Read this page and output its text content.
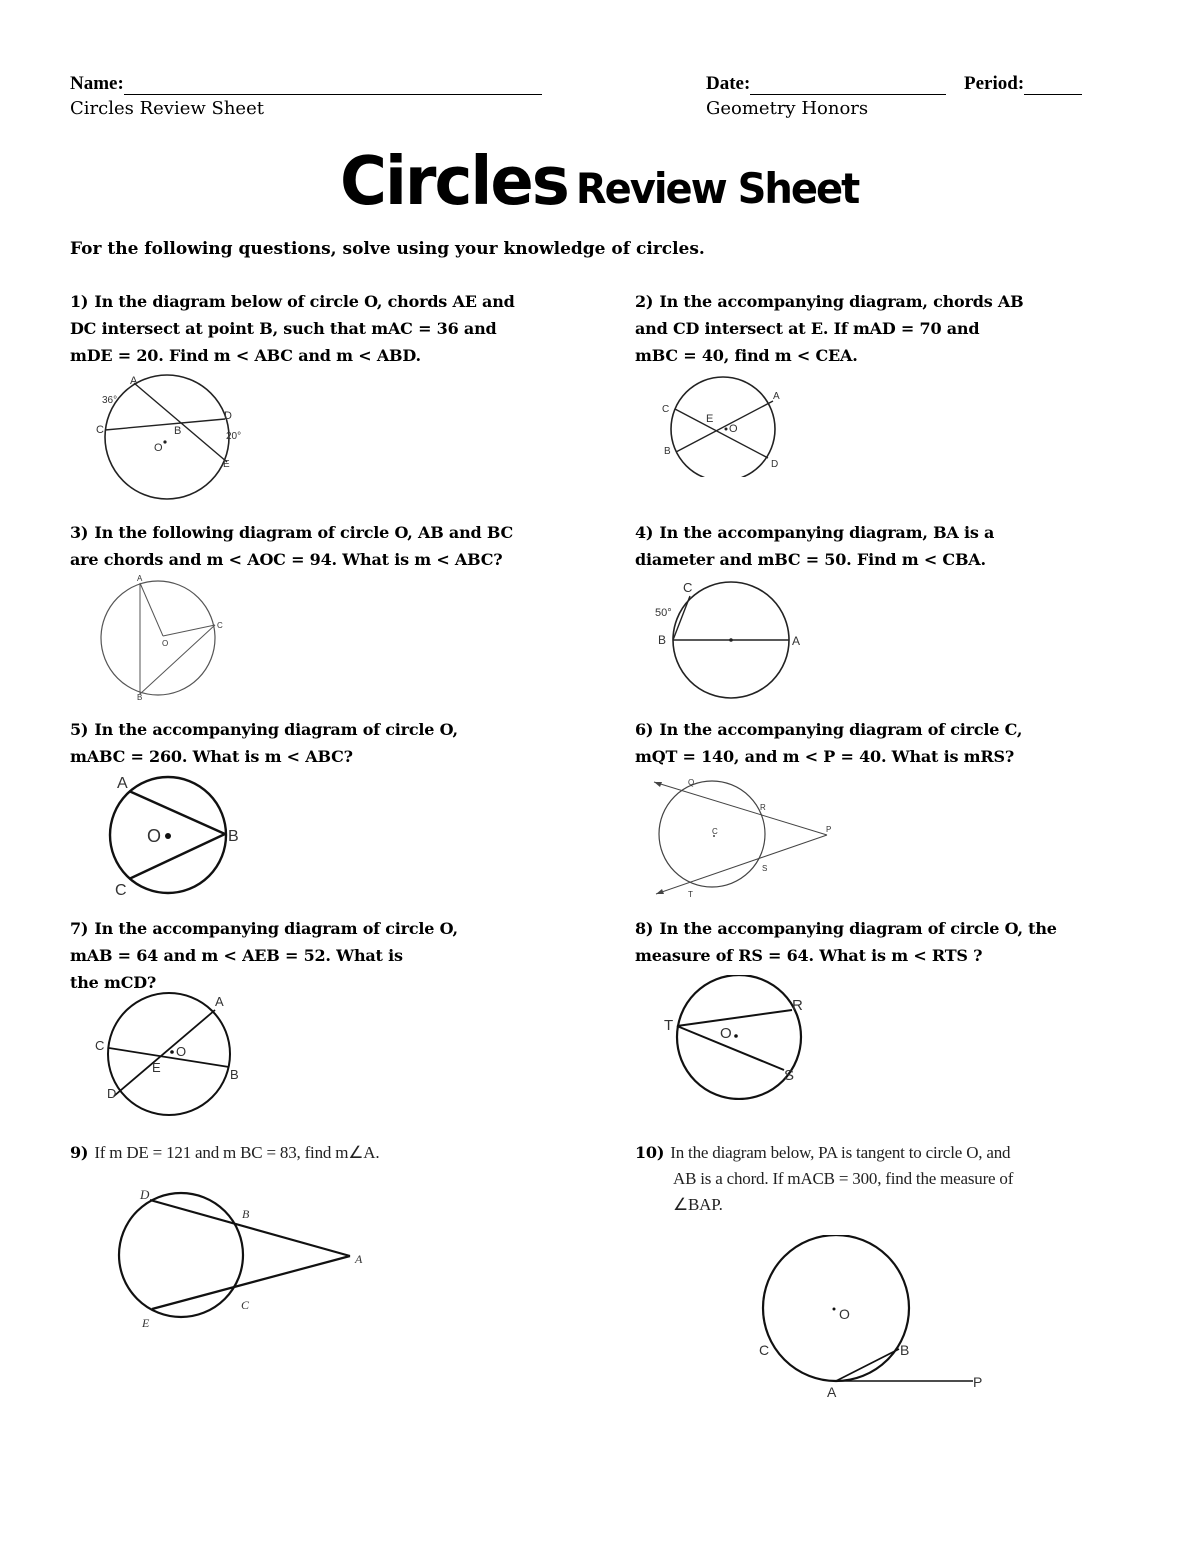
Name:	Date:	Period:
Circles Review Sheet	Geometry Honors
Circles Review Sheet
For the following questions, solve using your knowledge of circles.
1) In the diagram below of circle O, chords AE and
DC intersect at point B, such that mAC = 36 and
mDE = 20. Find m < ABC and m < ABD.
2) In the accompanying diagram, chords AB
and CD intersect at E. If mAD = 70 and
mBC = 40, find m < CEA.
3) In the following diagram of circle O, AB and BC
are chords and m < AOC = 94. What is m < ABC?
4) In the accompanying diagram, BA is a
diameter and mBC = 50. Find m < CBA.
5) In the accompanying diagram of circle O,
mABC = 260. What is m < ABC?
6) In the accompanying diagram of circle C,
mQT = 140, and m < P = 40. What is mRS?
7) In the accompanying diagram of circle O,
mAB = 64 and m < AEB = 52. What is
the mCD?
8) In the accompanying diagram of circle O, the
measure of RS = 64. What is m < RTS ?
9) If m DE = 121 and m BC = 83, find m∠A.	10) In the diagram below, PA is tangent to circle O, and
AB is a chord. If mACB = 300, find the measure of
∠BAP.
A
36°
D
C	B	20°
O
E
C
A
E
O
B
D
A
C
O
B
C
50°
B	A
A
O	B
C
Q
R
C	P
S
T
A
C	O
E	B
D
R
T	O
S
D
B
A
C
E
O
C	B
A
P
